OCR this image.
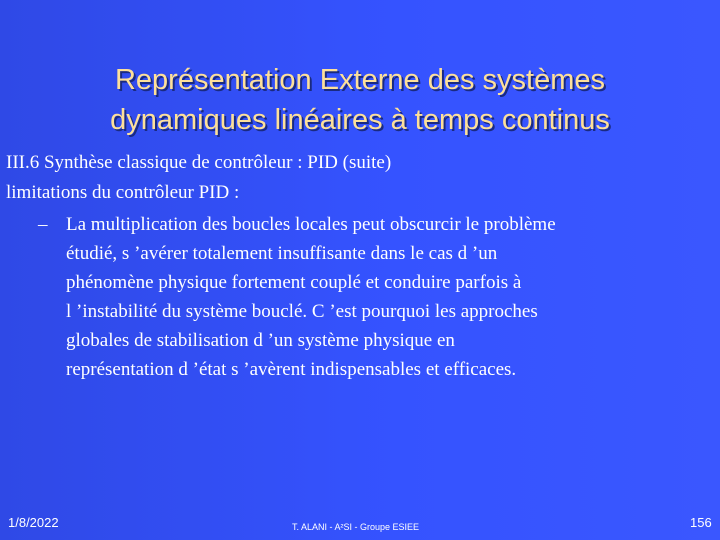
Représentation Externe des systèmes
dynamiques linéaires à temps continus
III.6 Synthèse classique de contrôleur : PID (suite)
limitations du contrôleur PID :
– La multiplication des boucles locales peut obscurcir le problème
étudié, s ’avérer totalement insuffisante dans le cas d ’un
phénomène physique fortement couplé et conduire parfois à
l ’instabilité du système bouclé. C ’est pourquoi les approches
globales de stabilisation d ’un système physique en
représentation d ’état s ’avèrent indispensables et efficaces.
1/8/2022	T. ALANI - A²SI - Groupe ESIEE	156
